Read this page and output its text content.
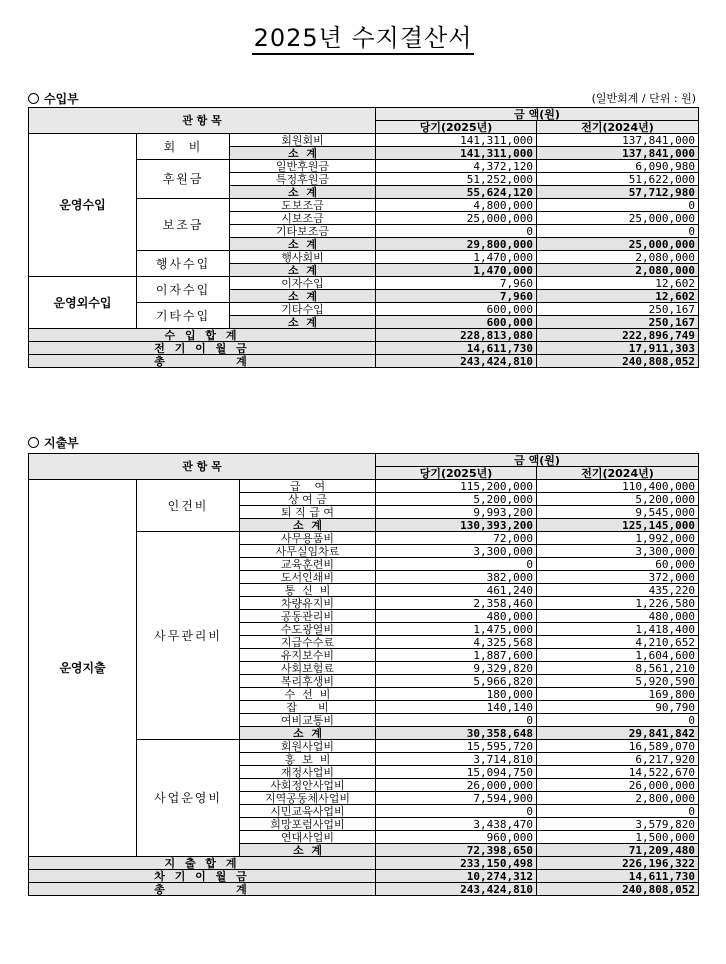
2025년 수지결산서
수입부	(일반회계 / 단위 : 원)
관 항 목			금 액(원)	
			당기(2025년)	전기(2024년)
운영수입	회  비	회원회비	141,311,000	137,841,000
		소  계	141,311,000	137,841,000
	후원금	일반후원금	4,372,120	6,090,980
		특정후원금	51,252,000	51,622,000
		소  계	55,624,120	57,712,980
	보조금	도보조금	4,800,000	0
		시보조금	25,000,000	25,000,000
		기타보조금	0	0
		소  계	29,800,000	25,000,000
	행사수입	행사회비	1,470,000	2,080,000
		소  계	1,470,000	2,080,000
운영외수입	이자수입	이자수입	7,960	12,602
		소  계	7,960	12,602
	기타수입	기타수입	600,000	250,167
		소  계	600,000	250,167
수 입 합 계			228,813,080	222,896,749
전 기 이 월 금			14,611,730	17,911,303
총          계			243,424,810	240,808,052
지출부
관 항 목			금 액(원)	
			당기(2025년)	전기(2024년)
운영지출	인건비	급    여	115,200,000	110,400,000
		상 여 금	5,200,000	5,200,000
		퇴 직 급 여	9,993,200	9,545,000
		소  계	130,393,200	125,145,000
	사무관리비	사무용품비	72,000	1,992,000
		사무실임차료	3,300,000	3,300,000
		교육훈련비	0	60,000
		도서인쇄비	382,000	372,000
		통  신  비	461,240	435,220
		차량유지비	2,358,460	1,226,580
		공동관리비	480,000	480,000
		수도광열비	1,475,000	1,418,400
		지급수수료	4,325,568	4,210,652
		유지보수비	1,887,600	1,604,600
		사회보험료	9,329,820	8,561,210
		복리후생비	5,966,820	5,920,590
		수  선  비	180,000	169,800
		잡      비	140,140	90,790
		여비교통비	0	0
		소  계	30,358,648	29,841,842
	사업운영비	회원사업비	15,595,720	16,589,070
		홍  보  비	3,714,810	6,217,920
		재정사업비	15,094,750	14,522,670
		사회정안사업비	26,000,000	26,000,000
		지역공동체사업비	7,594,900	2,800,000
		시민교육사업비	0	0
		희망포럼사업비	3,438,470	3,579,820
		연대사업비	960,000	1,500,000
		소  계	72,398,650	71,209,480
지 출 합 계			233,150,498	226,196,322
차 기 이 월 금			10,274,312	14,611,730
총          계			243,424,810	240,808,052
